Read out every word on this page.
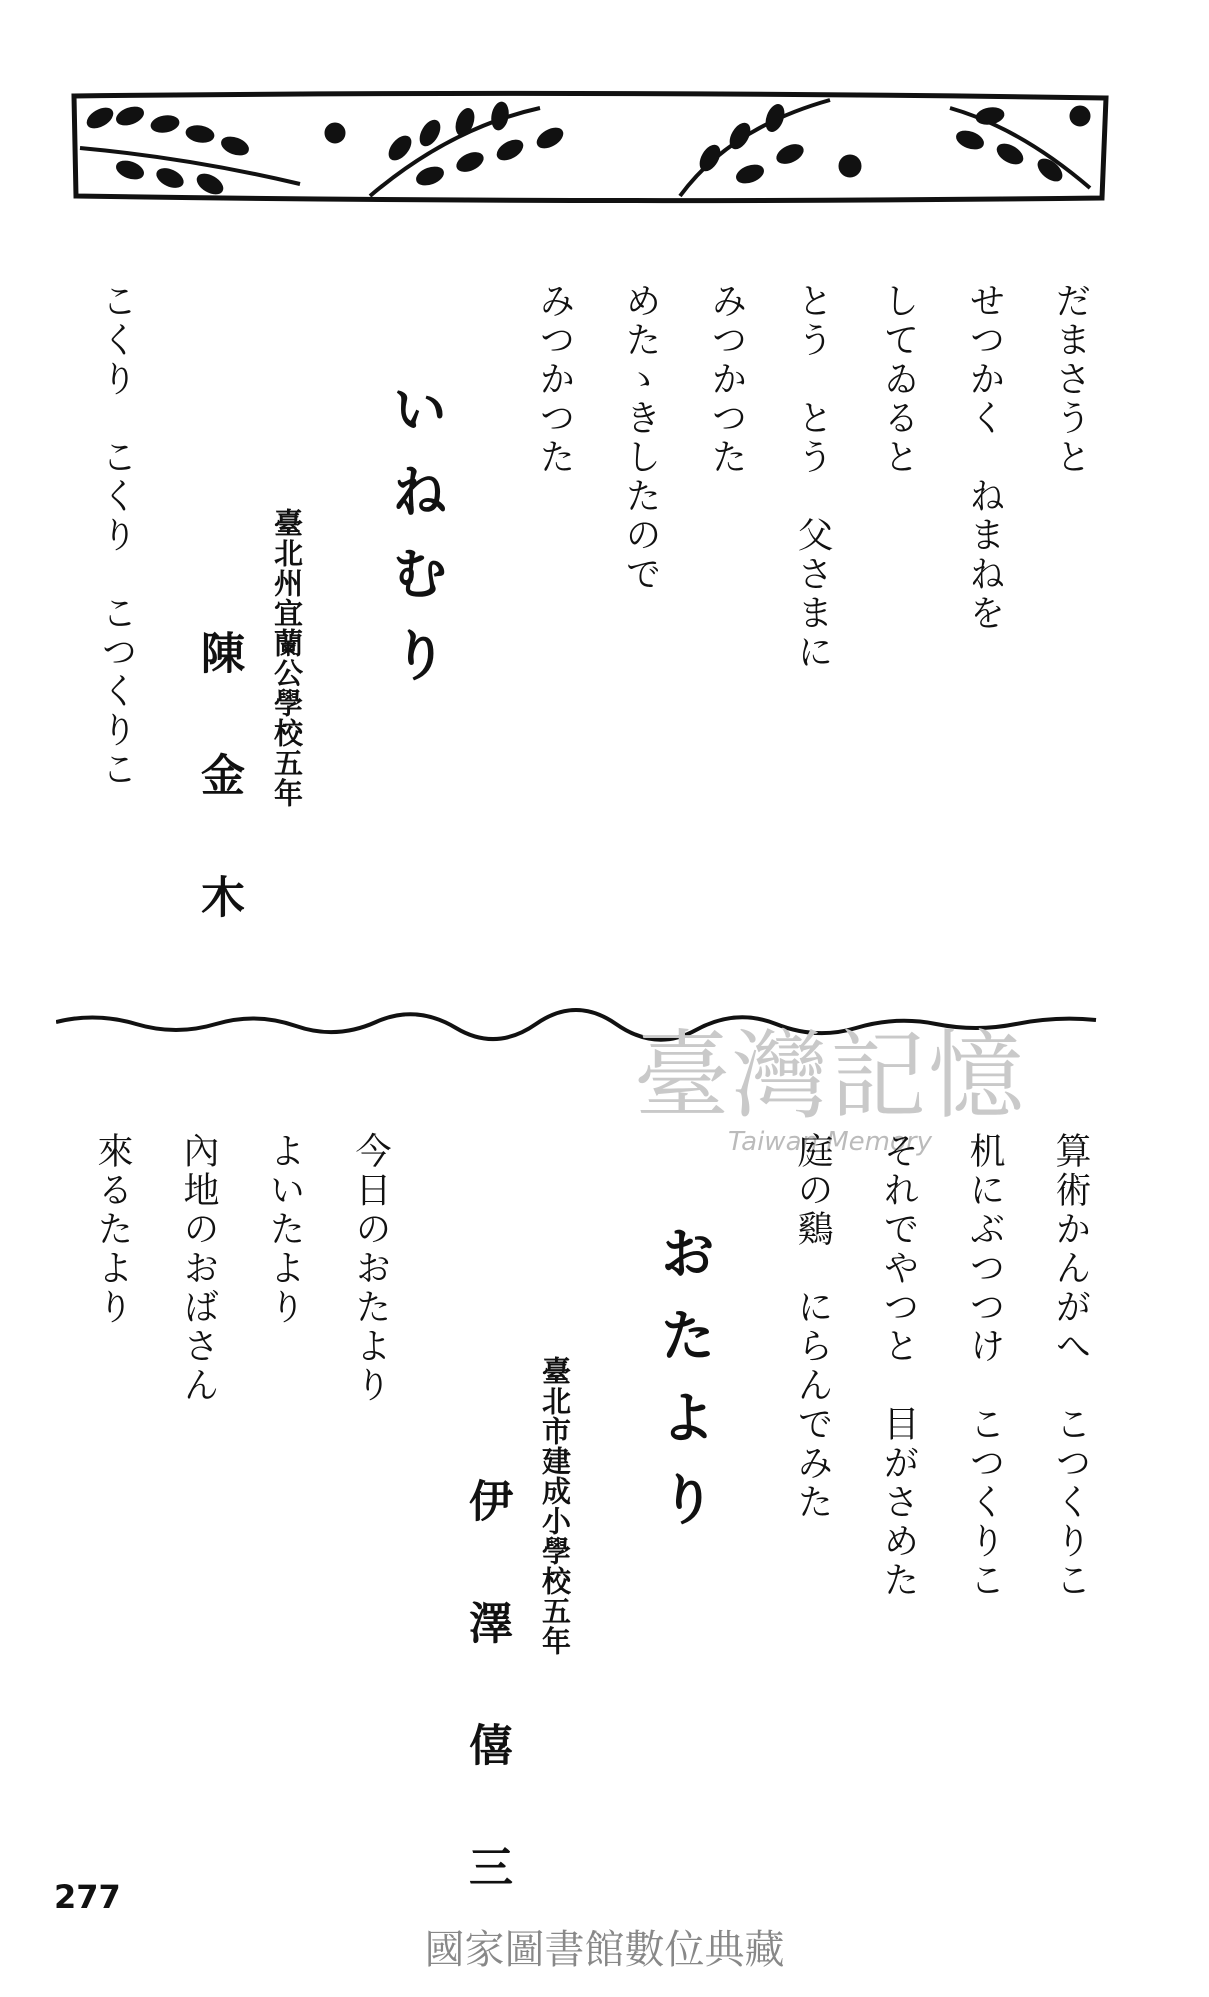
だまさうと
せつかく　ねまねを
してゐると
とう　とう　父さまに
みつかつた
めたゝきしたので
みつかつた
こくり　こくり　こつくりこ	いねむり
臺北州宜蘭公學校五年
陳金木
臺灣記憶
Taiwan Memory	算術かんがへ　こつくりこ
机にぶつつけ　こつくりこ
それでやつと　目がさめた
庭の鷄　にらんでみた
今日のおたより
よいたより
內地のおばさん
來るたより	おたより
臺北市建成小學校五年
伊澤僖三
277
國家圖書館數位典藏
